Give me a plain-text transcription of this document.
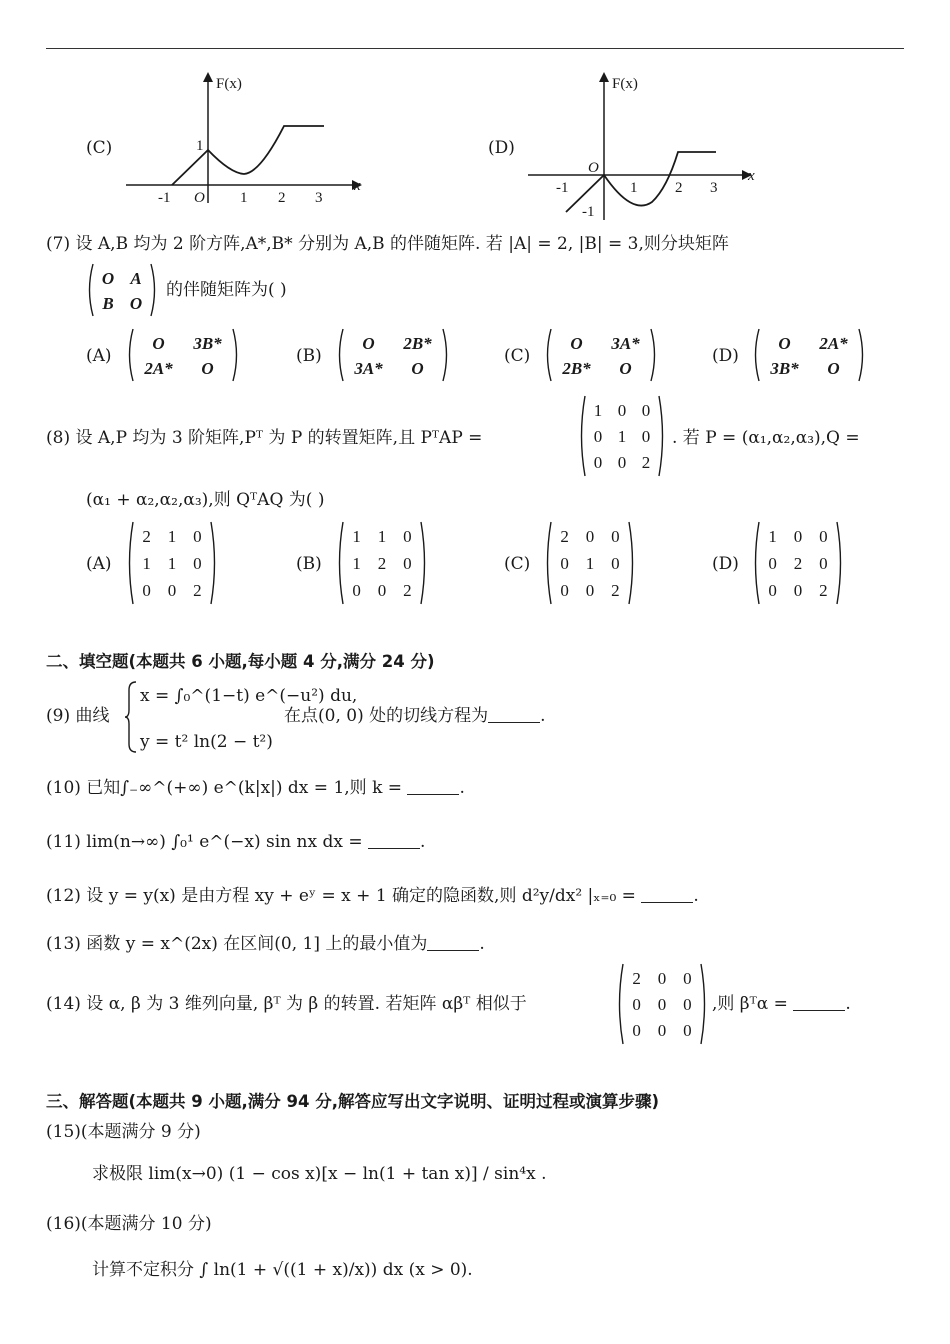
(C)
F(x)
x
O
1
-1	1 2 3
(D)
F(x)
x
O
-1	1	2 3
-1
(7) 设 A,B 均为 2 阶方阵,A*,B* 分别为 A,B 的伴随矩阵. 若 |A| = 2, |B| = 3,则分块矩阵
O A
B O
的伴随矩阵为( )
(A)
O	3B*
2A*	O
(B)
O	2B*
3A*	O
(C)
O	3A*
2B*	O
(D)
O	2A*
3B*	O
(8) 设 A,P 均为 3 阶矩阵,Pᵀ 为 P 的转置矩阵,且 PᵀAP =
1 0 0
0 1 0
0 0 2
. 若 P = (α₁,α₂,α₃),Q =
(α₁ + α₂,α₂,α₃),则 QᵀAQ 为( )
(A)
2 1 0
1 1 0
0 0 2
(B)
1 1 0
1 2 0
0 0 2
(C)
2 0 0
0 1 0
0 0 2
(D)
1 0 0
0 2 0
0 0 2
二、填空题(本题共 6 小题,每小题 4 分,满分 24 分)
(9) 曲线
x = ∫₀^(1−t) e^(−u²) du,
y = t² ln(2 − t²)
在点(0, 0) 处的切线方程为	.
(10) 已知∫₋∞^(+∞) e^(k|x|) dx = 1,则 k =	.
(11) lim(n→∞) ∫₀¹ e^(−x) sin nx dx =	.
(12) 设 y = y(x) 是由方程 xy + eʸ = x + 1 确定的隐函数,则 d²y/dx² |ₓ₌₀ =	.
(13) 函数 y = x^(2x) 在区间(0, 1] 上的最小值为	.
(14) 设 α, β 为 3 维列向量, βᵀ 为 β 的转置. 若矩阵 αβᵀ 相似于
2 0 0
0 0 0
0 0 0
,则 βᵀα =	.
三、解答题(本题共 9 小题,满分 94 分,解答应写出文字说明、证明过程或演算步骤)
(15)(本题满分 9 分)
求极限 lim(x→0) (1 − cos x)[x − ln(1 + tan x)] / sin⁴x .
(16)(本题满分 10 分)
计算不定积分 ∫ ln(1 + √((1 + x)/x)) dx (x > 0).
